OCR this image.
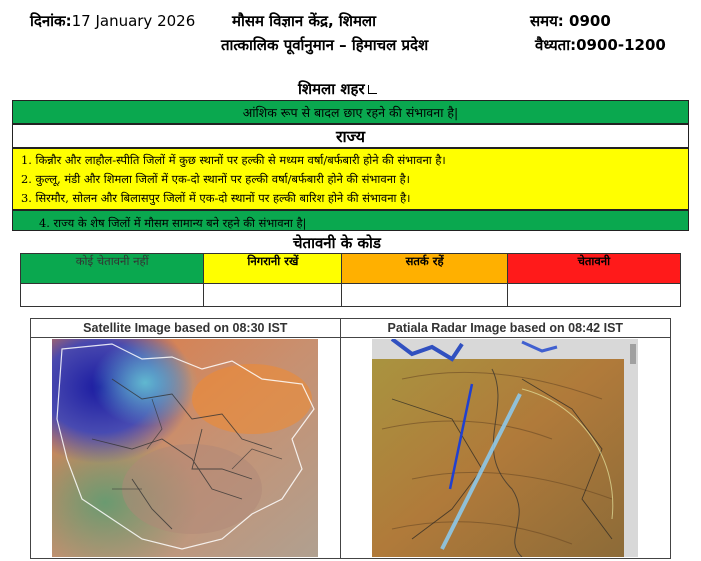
दिनांक:17 January 2026 मौसम विज्ञान केंद्र, शिमला	समय: 0900
तात्कालिक पूर्वानुमान – हिमाचल प्रदेश	वैध्यता:0900-1200
शिमला शहर
आंशिक रूप से बादल छाए रहने की संभावना है|
राज्य
1. किन्नौर और लाहौल-स्पीति जिलों में कुछ स्थानों पर हल्की से मध्यम वर्षा/बर्फबारी होने की संभावना है।
2. कुल्लू, मंडी और शिमला जिलों में एक-दो स्थानों पर हल्की वर्षा/बर्फबारी होने की संभावना है।
3. सिरमौर, सोलन और बिलासपुर जिलों में एक-दो स्थानों पर हल्की बारिश होने की संभावना है।
4. राज्य के शेष जिलों में मौसम सामान्य बने रहने की संभावना है|
चेतावनी के कोड
कोई चेतावनी नहीं	निगरानी रखें	सतर्क रहें	चेतावनी

Satellite Image based on 08:30 IST	Patiala Radar Image based on 08:42 IST
